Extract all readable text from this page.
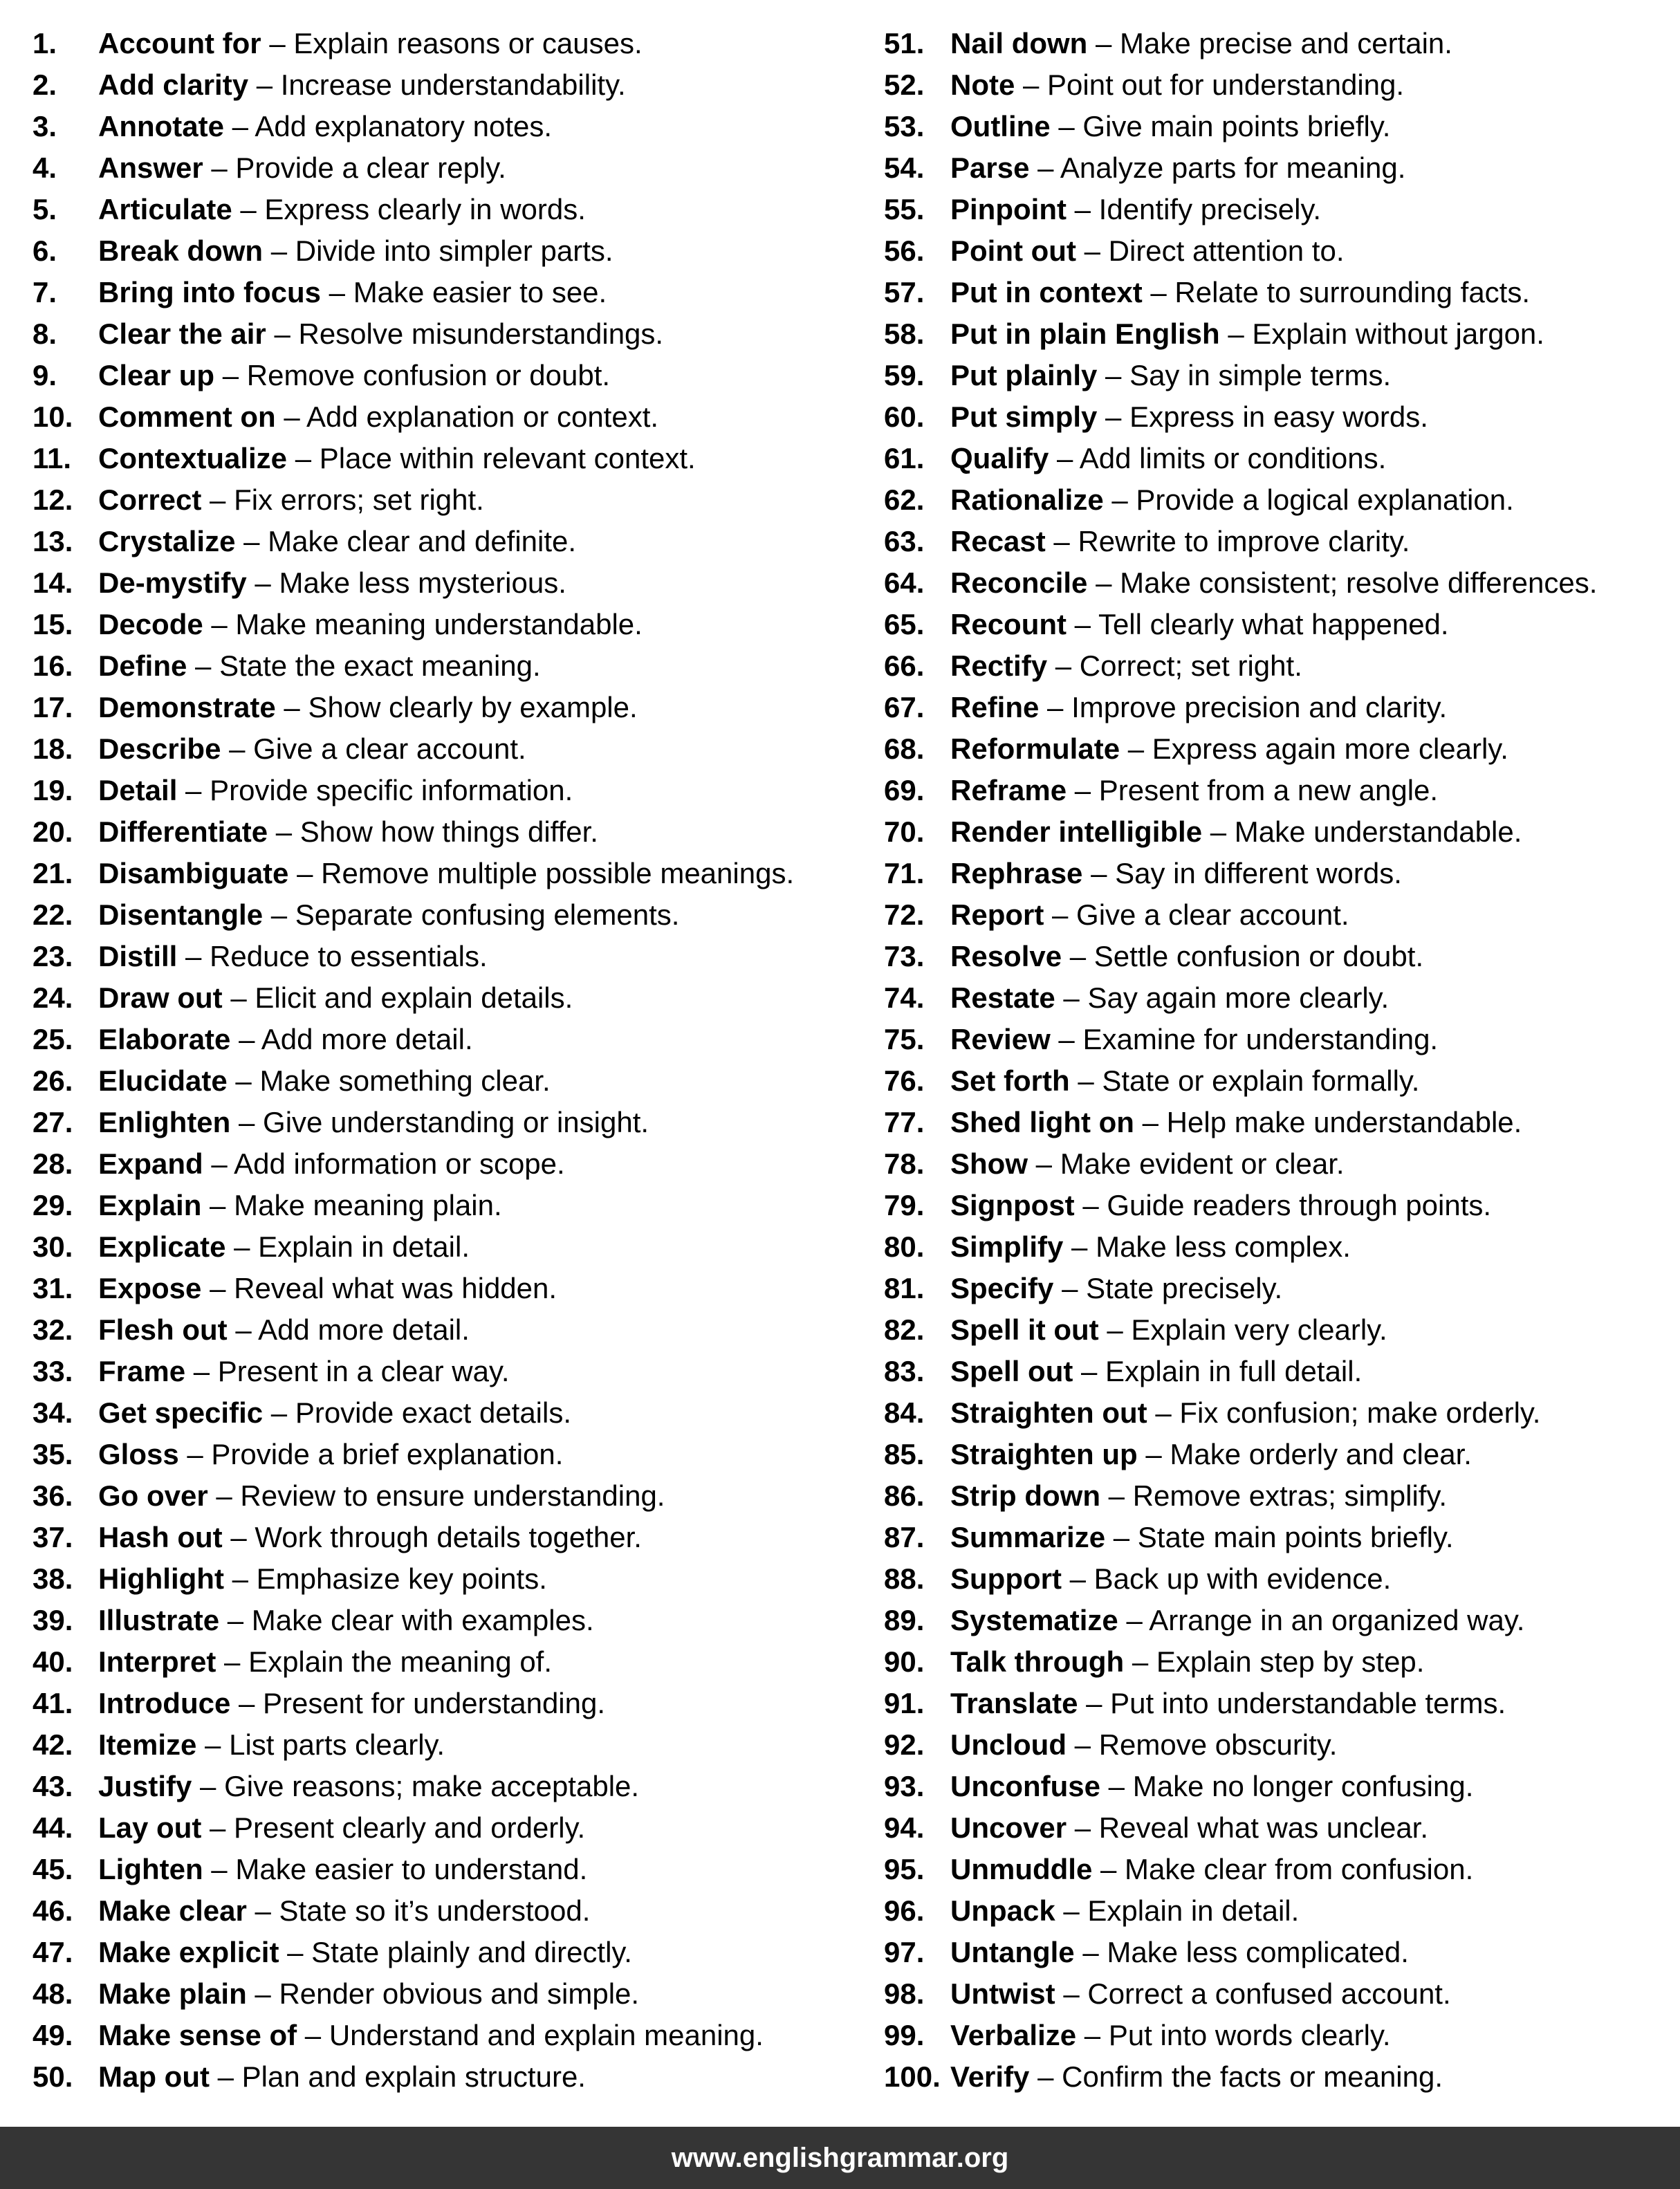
1. Account for – Explain reasons or causes.
2. Add clarity – Increase understandability.
3. Annotate – Add explanatory notes.
4. Answer – Provide a clear reply.
5. Articulate – Express clearly in words.
6. Break down – Divide into simpler parts.
7. Bring into focus – Make easier to see.
8. Clear the air – Resolve misunderstandings.
9. Clear up – Remove confusion or doubt.
10. Comment on – Add explanation or context.
11. Contextualize – Place within relevant context.
12. Correct – Fix errors; set right.
13. Crystalize – Make clear and definite.
14. De-mystify – Make less mysterious.
15. Decode – Make meaning understandable.
16. Define – State the exact meaning.
17. Demonstrate – Show clearly by example.
18. Describe – Give a clear account.
19. Detail – Provide specific information.
20. Differentiate – Show how things differ.
21. Disambiguate – Remove multiple possible meanings.
22. Disentangle – Separate confusing elements.
23. Distill – Reduce to essentials.
24. Draw out – Elicit and explain details.
25. Elaborate – Add more detail.
26. Elucidate – Make something clear.
27. Enlighten – Give understanding or insight.
28. Expand – Add information or scope.
29. Explain – Make meaning plain.
30. Explicate – Explain in detail.
31. Expose – Reveal what was hidden.
32. Flesh out – Add more detail.
33. Frame – Present in a clear way.
34. Get specific – Provide exact details.
35. Gloss – Provide a brief explanation.
36. Go over – Review to ensure understanding.
37. Hash out – Work through details together.
38. Highlight – Emphasize key points.
39. Illustrate – Make clear with examples.
40. Interpret – Explain the meaning of.
41. Introduce – Present for understanding.
42. Itemize – List parts clearly.
43. Justify – Give reasons; make acceptable.
44. Lay out – Present clearly and orderly.
45. Lighten – Make easier to understand.
46. Make clear – State so it’s understood.
47. Make explicit – State plainly and directly.
48. Make plain – Render obvious and simple.
49. Make sense of – Understand and explain meaning.
50. Map out – Plan and explain structure.
51. Nail down – Make precise and certain.
52. Note – Point out for understanding.
53. Outline – Give main points briefly.
54. Parse – Analyze parts for meaning.
55. Pinpoint – Identify precisely.
56. Point out – Direct attention to.
57. Put in context – Relate to surrounding facts.
58. Put in plain English – Explain without jargon.
59. Put plainly – Say in simple terms.
60. Put simply – Express in easy words.
61. Qualify – Add limits or conditions.
62. Rationalize – Provide a logical explanation.
63. Recast – Rewrite to improve clarity.
64. Reconcile – Make consistent; resolve differences.
65. Recount – Tell clearly what happened.
66. Rectify – Correct; set right.
67. Refine – Improve precision and clarity.
68. Reformulate – Express again more clearly.
69. Reframe – Present from a new angle.
70. Render intelligible – Make understandable.
71. Rephrase – Say in different words.
72. Report – Give a clear account.
73. Resolve – Settle confusion or doubt.
74. Restate – Say again more clearly.
75. Review – Examine for understanding.
76. Set forth – State or explain formally.
77. Shed light on – Help make understandable.
78. Show – Make evident or clear.
79. Signpost – Guide readers through points.
80. Simplify – Make less complex.
81. Specify – State precisely.
82. Spell it out – Explain very clearly.
83. Spell out – Explain in full detail.
84. Straighten out – Fix confusion; make orderly.
85. Straighten up – Make orderly and clear.
86. Strip down – Remove extras; simplify.
87. Summarize – State main points briefly.
88. Support – Back up with evidence.
89. Systematize – Arrange in an organized way.
90. Talk through – Explain step by step.
91. Translate – Put into understandable terms.
92. Uncloud – Remove obscurity.
93. Unconfuse – Make no longer confusing.
94. Uncover – Reveal what was unclear.
95. Unmuddle – Make clear from confusion.
96. Unpack – Explain in detail.
97. Untangle – Make less complicated.
98. Untwist – Correct a confused account.
99. Verbalize – Put into words clearly.
100. Verify – Confirm the facts or meaning.
www.englishgrammar.org
